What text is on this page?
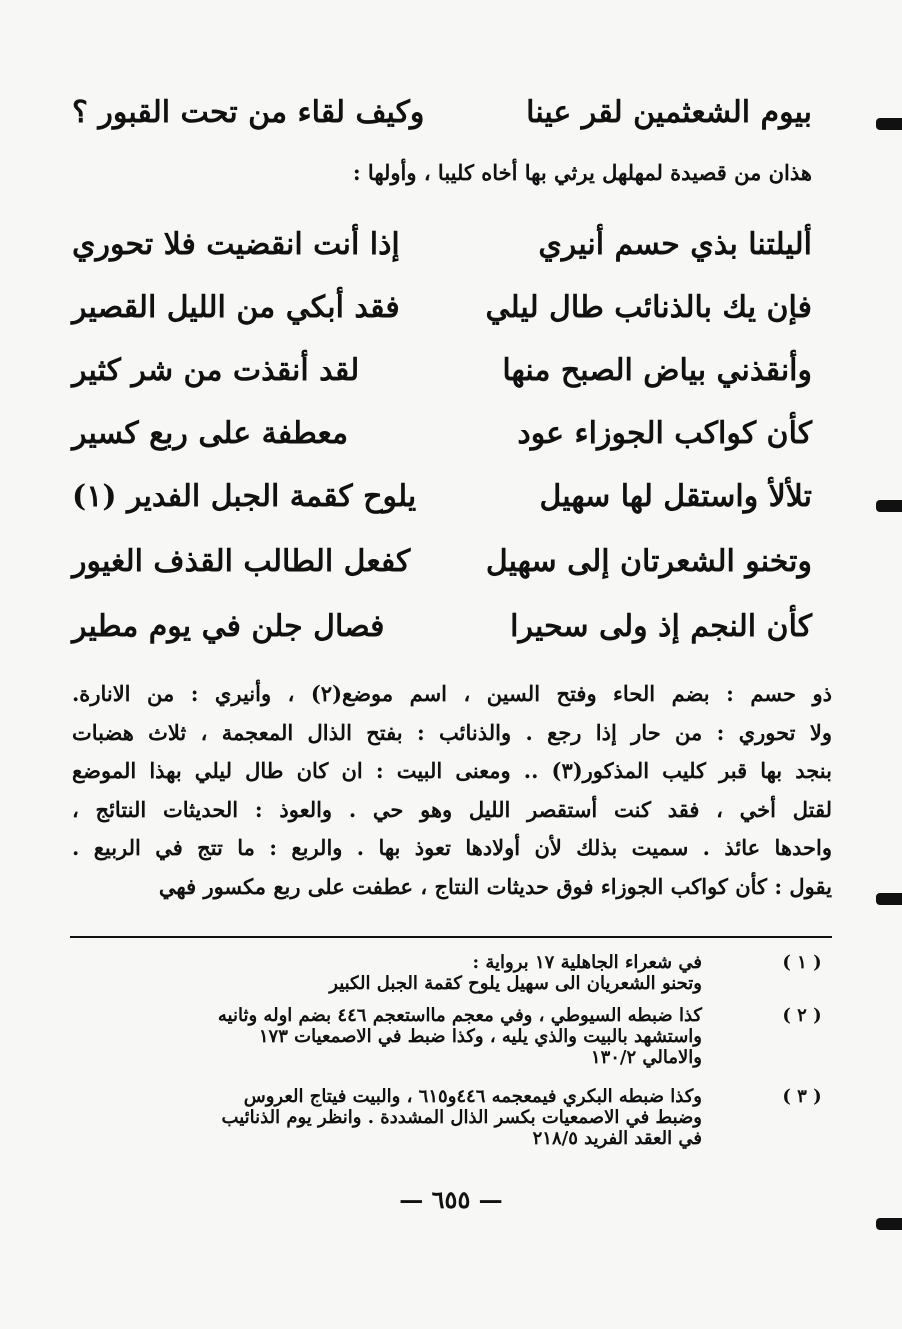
بيوم الشعثمين لقر عينا
وكيف لقاء من تحت القبور ؟
هذان من قصيدة لمهلهل يرثي بها أخاه كليبا ، وأولها :
أليلتنا بذي حسم أنيري
إذا أنت انقضيت فلا تحوري
فإن يك بالذنائب طال ليلي
فقد أبكي من الليل القصير
وأنقذني بياض الصبح منها
لقد أنقذت من شر كثير
كأن كواكب الجوزاء عود
معطفة على ربع كسير
تلألأ واستقل لها سهيل
يلوح كقمة الجبل الفدير (١)
وتخنو الشعرتان إلى سهيل
كفعل الطالب القذف الغيور
كأن النجم إذ ولى سحيرا
فصال جلن في يوم مطير
ذو حسم : بضم الحاء وفتح السين ، اسم موضع(٢) ، وأنيري : من الانارة.
ولا تحوري : من حار إذا رجع . والذنائب : بفتح الذال المعجمة ، ثلاث هضبات
بنجد بها قبر كليب المذكور(٣) .. ومعنى البيت : ان كان طال ليلي بهذا الموضع
لقتل أخي ، فقد كنت أستقصر الليل وهو حي . والعوذ : الحديثات النتائج ،
واحدها عائذ . سميت بذلك لأن أولادها تعوذ بها . والربع : ما تتج في الربيع .
يقول : كأن كواكب الجوزاء فوق حديثات النتاج ، عطفت على ربع مكسور فهي
( ١ )
في شعراء الجاهلية ١٧ برواية :
وتحنو الشعريان الى سهيل يلوح كقمة الجبل الكبير
( ٢ )
كذا ضبطه السيوطي ، وفي معجم مااستعجم ٤٤٦ بضم اوله وثانيه
واستشهد بالبيت والذي يليه ، وكذا ضبط في الاصمعيات ١٧٣
والامالي ١٣٠/٢
( ٣ )
وكذا ضبطه البكري فيمعجمه ٤٤٦و٦١٥ ، والبيت فيتاج العروس
وضبط في الاصمعيات بكسر الذال المشددة . وانظر يوم الذنائيب
في العقد الفريد ٢١٨/٥
— ٦٥٥ —
